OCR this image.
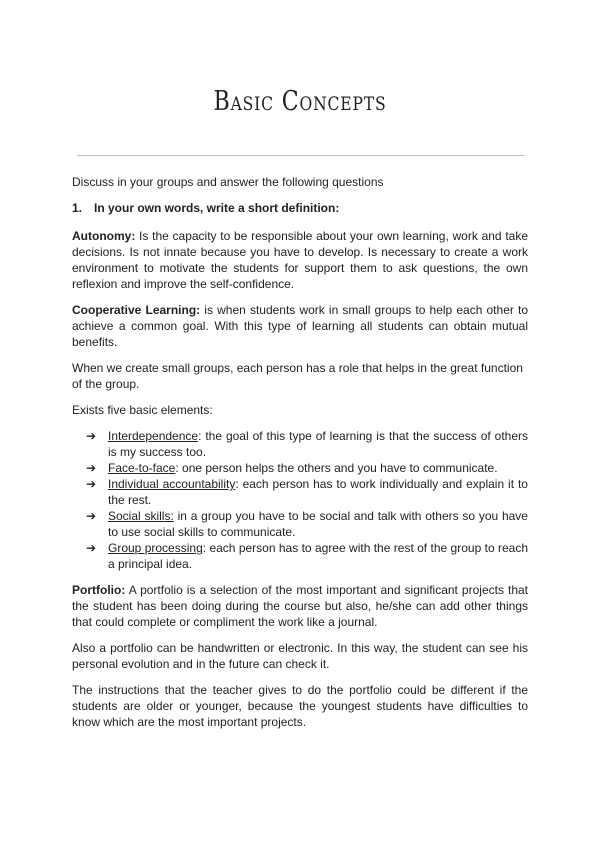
Basic Concepts

Discuss in your groups and answer the following questions

1. In your own words, write a short definition:

Autonomy: Is the capacity to be responsible about your own learning, work and take decisions. Is not innate because you have to develop. Is necessary to create a work environment to motivate the students for support them to ask questions, the own reflexion and improve the self-confidence.

Cooperative Learning: is when students work in small groups to help each other to achieve a common goal. With this type of learning all students can obtain mutual benefits.

When we create small groups, each person has a role that helps in the great function of the group.

Exists five basic elements:

➔ Interdependence: the goal of this type of learning is that the success of others is my success too.
➔ Face-to-face: one person helps the others and you have to communicate.
➔ Individual accountability: each person has to work individually and explain it to the rest.
➔ Social skills: in a group you have to be social and talk with others so you have to use social skills to communicate.
➔ Group processing: each person has to agree with the rest of the group to reach a principal idea.

Portfolio: A portfolio is a selection of the most important and significant projects that the student has been doing during the course but also, he/she can add other things that could complete or compliment the work like a journal.

Also a portfolio can be handwritten or electronic. In this way, the student can see his personal evolution and in the future can check it.

The instructions that the teacher gives to do the portfolio could be different if the students are older or younger, because the youngest students have difficulties to know which are the most important projects.
